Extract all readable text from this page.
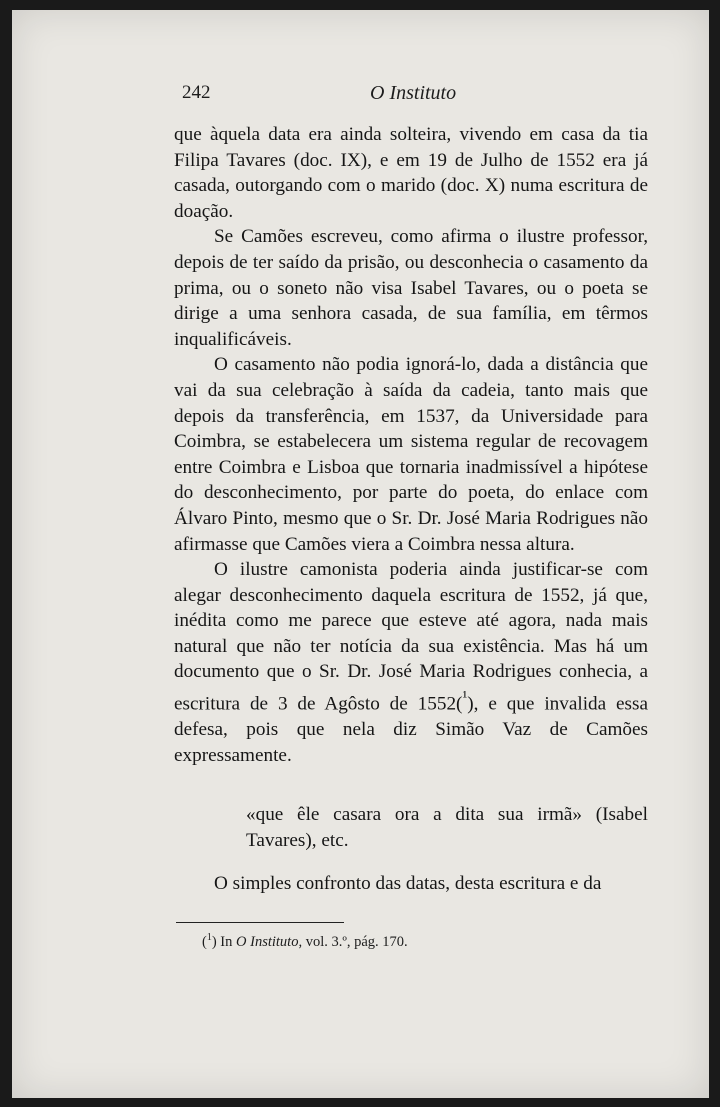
242	O Instituto

que àquela data era ainda solteira, vivendo em casa da tia Filipa Tavares (doc. IX), e em 19 de Julho de 1552 era já casada, outorgando com o marido (doc. X) numa escritura de doação.

Se Camões escreveu, como afirma o ilustre professor, depois de ter saído da prisão, ou desconhecia o casamento da prima, ou o soneto não visa Isabel Tavares, ou o poeta se dirige a uma senhora casada, de sua família, em têrmos inqualificáveis.

O casamento não podia ignorá-lo, dada a distância que vai da sua celebração à saída da cadeia, tanto mais que depois da transferência, em 1537, da Universidade para Coimbra, se estabelecera um sistema regular de recovagem entre Coimbra e Lisboa que tornaria inadmissível a hipótese do desconhecimento, por parte do poeta, do enlace com Álvaro Pinto, mesmo que o Sr. Dr. José Maria Rodrigues não afirmasse que Camões viera a Coimbra nessa altura.

O ilustre camonista poderia ainda justificar-se com alegar desconhecimento daquela escritura de 1552, já que, inédita como me parece que esteve até agora, nada mais natural que não ter notícia da sua existência. Mas há um documento que o Sr. Dr. José Maria Rodrigues conhecia, a escritura de 3 de Agôsto de 1552($^{^1}$), e que invalida essa defesa, pois que nela diz Simão Vaz de Camões expressamente.

«que êle casara ora a dita sua irmã» (Isabel Tavares), etc.

O simples confronto das datas, desta escritura e da

($^1$) In O Instituto, vol. 3.º, pág. 170.
